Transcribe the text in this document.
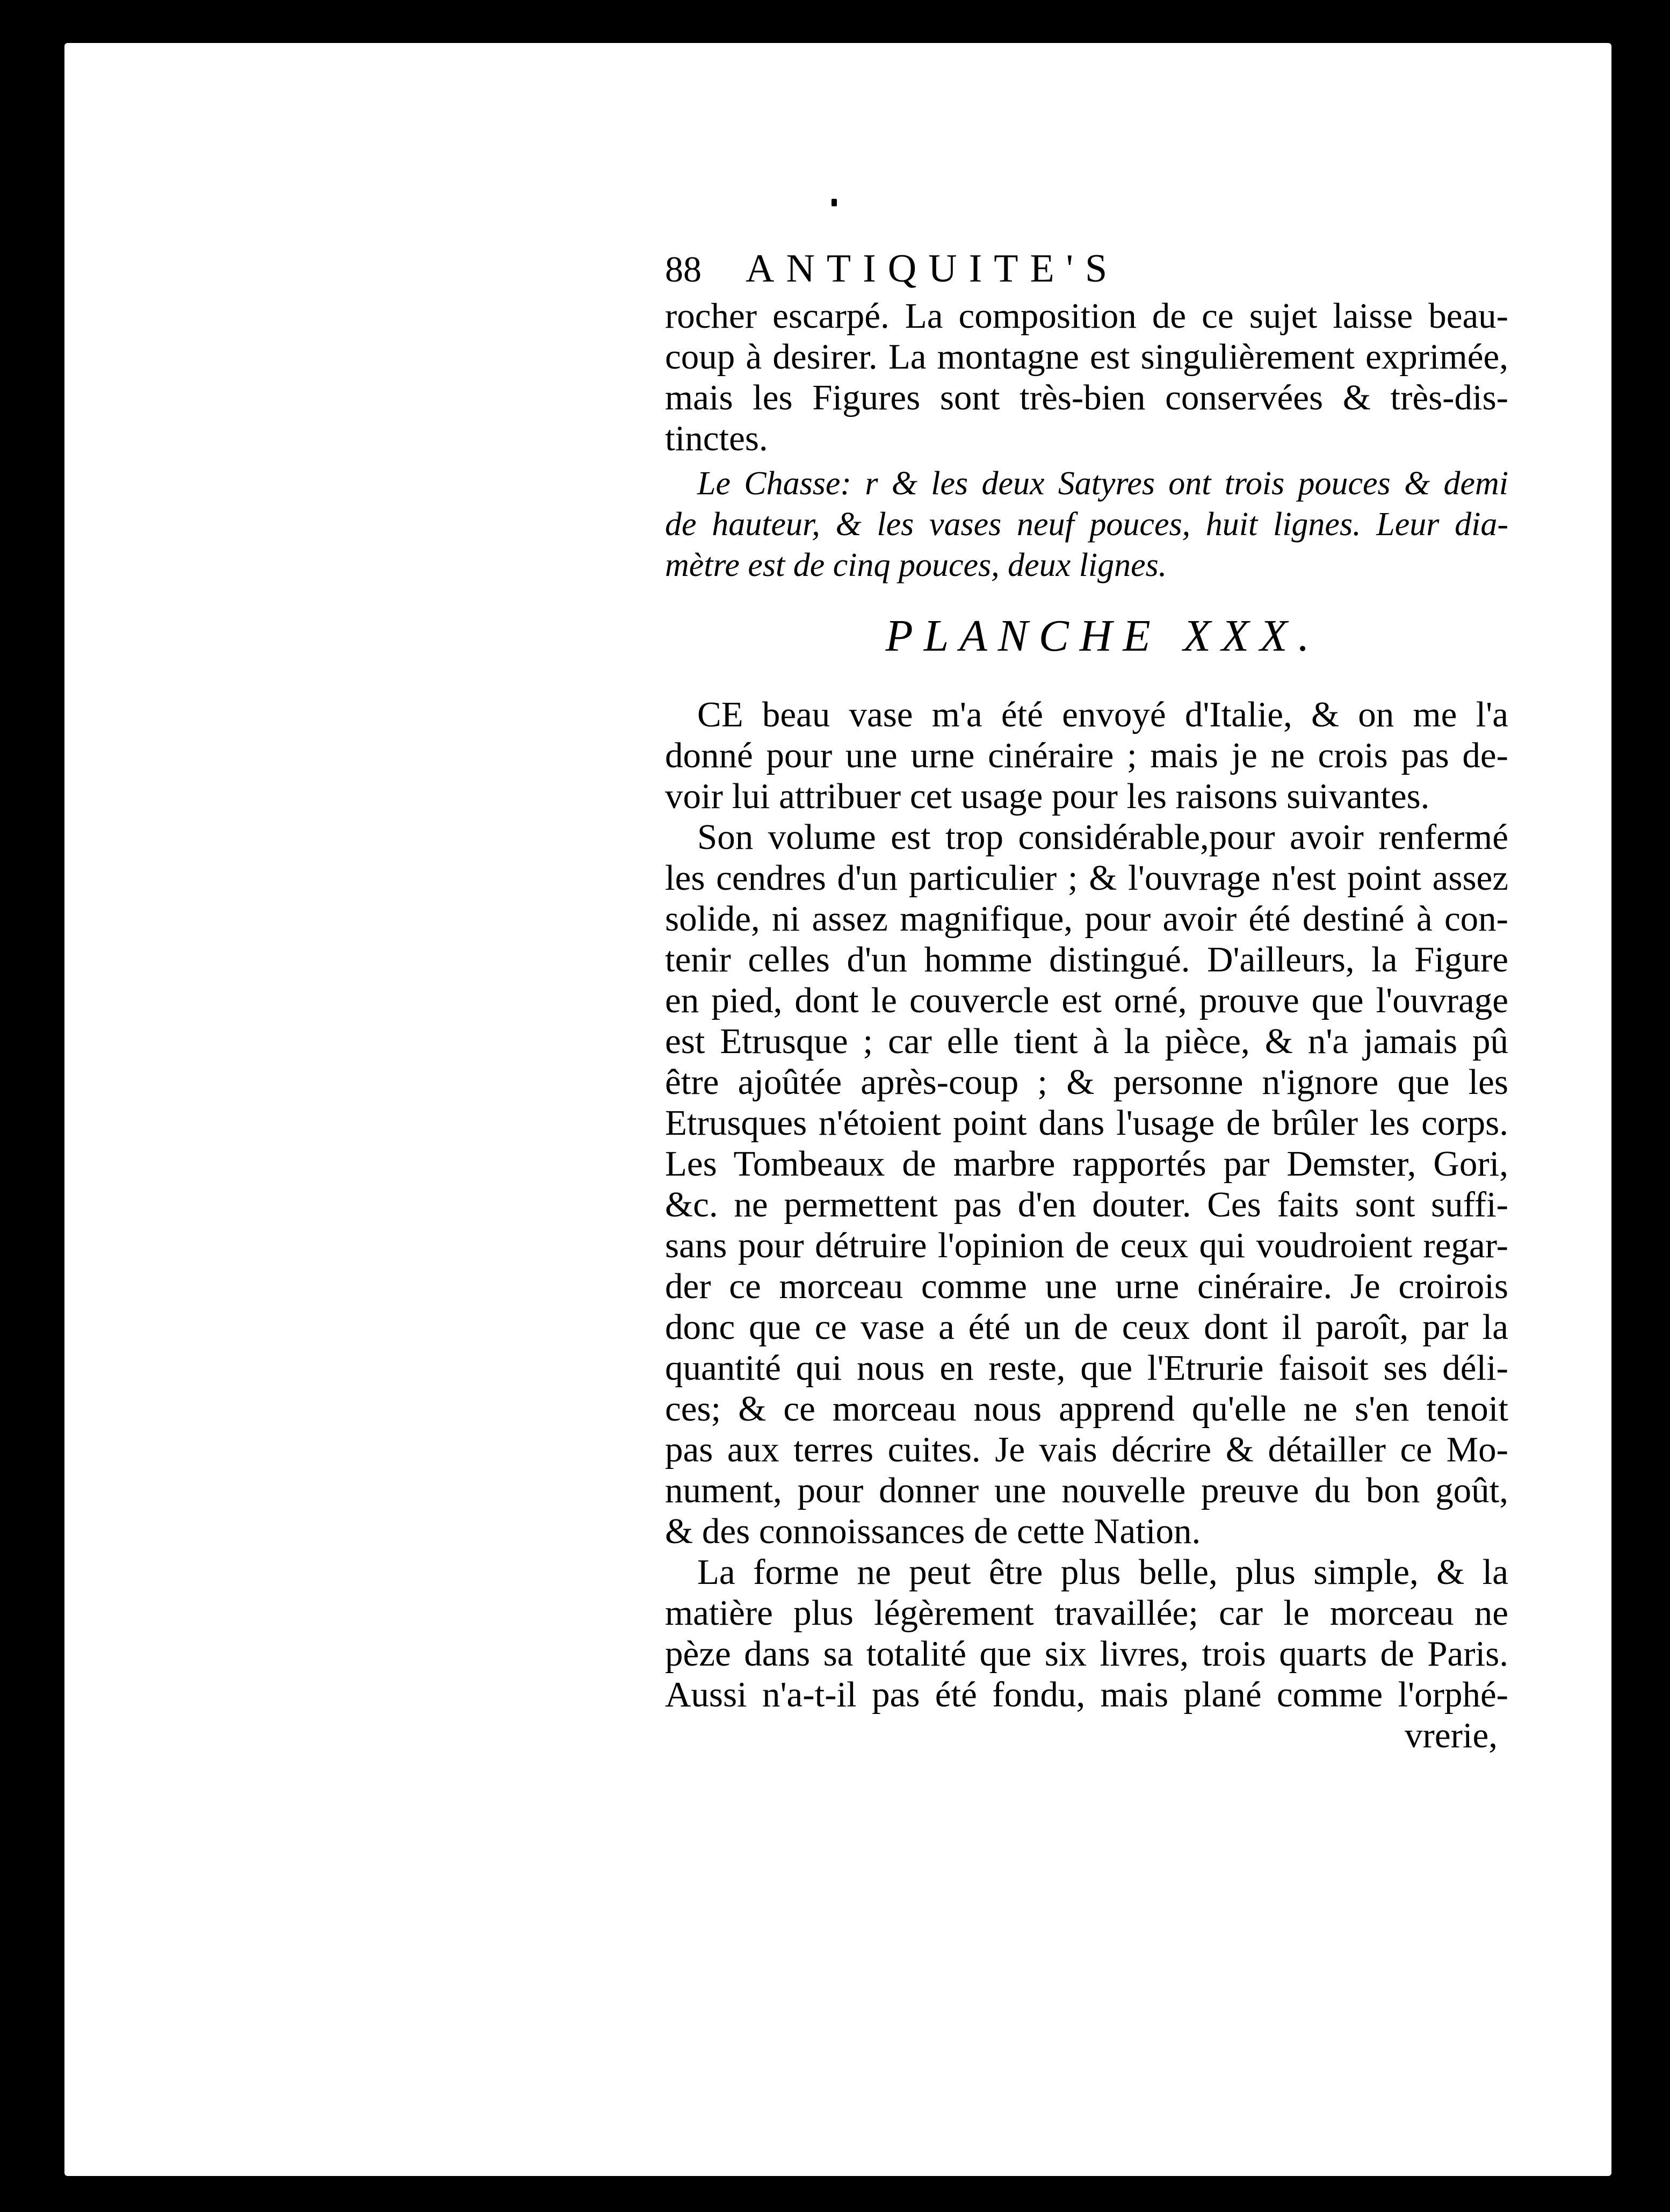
88	ANTIQUITE'S
rocher escarpé. La composition de ce sujet laisse beau-
coup à desirer. La montagne est singulièrement exprimée,
mais les Figures sont très-bien conservées & très-dis-
tinctes.
Le Chasse: r & les deux Satyres ont trois pouces & demi
de hauteur, & les vases neuf pouces, huit lignes. Leur dia-
mètre est de cinq pouces, deux lignes.
PLANCHE XXX.
CE beau vase m'a été envoyé d'Italie, & on me l'a
donné pour une urne cinéraire ; mais je ne crois pas de-
voir lui attribuer cet usage pour les raisons suivantes.
Son volume est trop considérable,pour avoir renfermé
les cendres d'un particulier ; & l'ouvrage n'est point assez
solide, ni assez magnifique, pour avoir été destiné à con-
tenir celles d'un homme distingué. D'ailleurs, la Figure
en pied, dont le couvercle est orné, prouve que l'ouvrage
est Etrusque ; car elle tient à la pièce, & n'a jamais pû
être ajoûtée après-coup ; & personne n'ignore que les
Etrusques n'étoient point dans l'usage de brûler les corps.
Les Tombeaux de marbre rapportés par Demster, Gori,
&c. ne permettent pas d'en douter. Ces faits sont suffi-
sans pour détruire l'opinion de ceux qui voudroient regar-
der ce morceau comme une urne cinéraire. Je croirois
donc que ce vase a été un de ceux dont il paroît, par la
quantité qui nous en reste, que l'Etrurie faisoit ses déli-
ces; & ce morceau nous apprend qu'elle ne s'en tenoit
pas aux terres cuites. Je vais décrire & détailler ce Mo-
nument, pour donner une nouvelle preuve du bon goût,
& des connoissances de cette Nation.
La forme ne peut être plus belle, plus simple, & la
matière plus légèrement travaillée; car le morceau ne
pèze dans sa totalité que six livres, trois quarts de Paris.
Aussi n'a-t-il pas été fondu, mais plané comme l'orphé-
vrerie,
